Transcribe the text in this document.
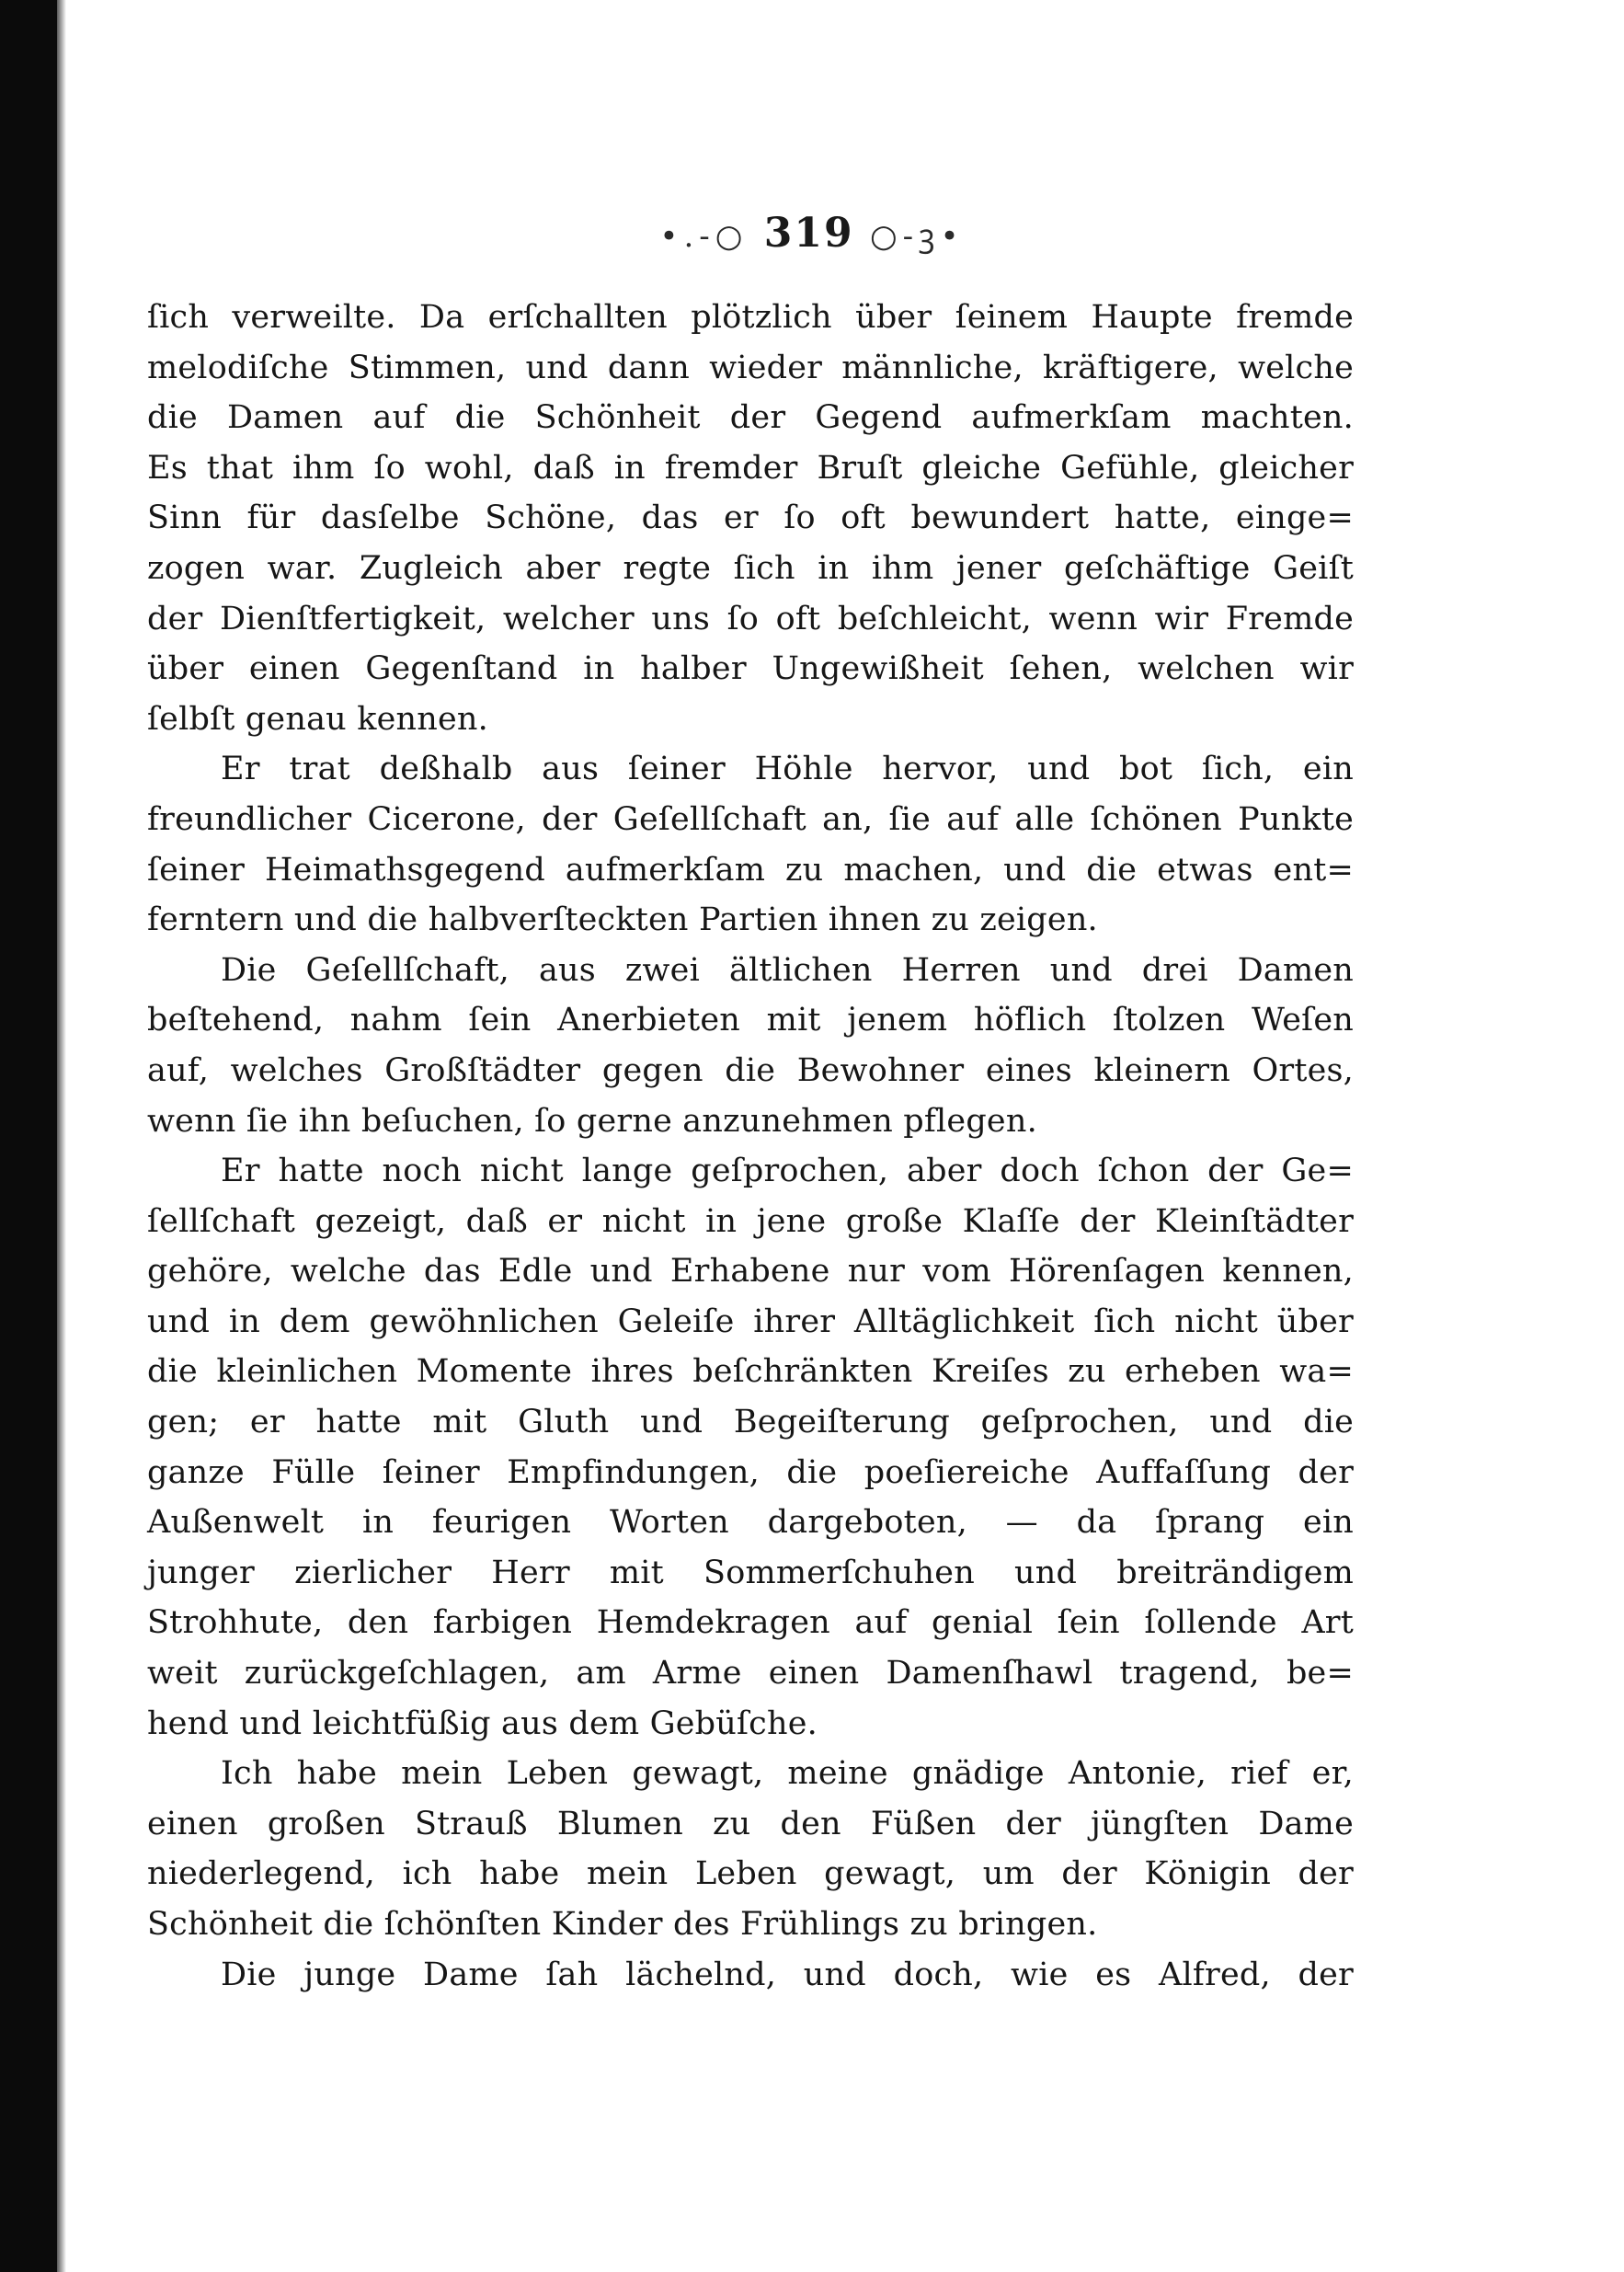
•.-○ 319 ○-ꝫ•
ſich verweilte. Da erſchallten plötzlich über ſeinem Haupte fremde
melodiſche Stimmen, und dann wieder männliche, kräftigere, welche
die Damen auf die Schönheit der Gegend aufmerkſam machten.
Es that ihm ſo wohl, daß in fremder Bruſt gleiche Gefühle, gleicher
Sinn für dasſelbe Schöne, das er ſo oft bewundert hatte, einge=
zogen war. Zugleich aber regte ſich in ihm jener geſchäftige Geiſt
der Dienſtfertigkeit, welcher uns ſo oft beſchleicht, wenn wir Fremde
über einen Gegenſtand in halber Ungewißheit ſehen, welchen wir
ſelbſt genau kennen.
Er trat deßhalb aus ſeiner Höhle hervor, und bot ſich, ein
freundlicher Cicerone, der Geſellſchaft an, ſie auf alle ſchönen Punkte
ſeiner Heimathsgegend aufmerkſam zu machen, und die etwas ent=
ferntern und die halbverſteckten Partien ihnen zu zeigen.
Die Geſellſchaft, aus zwei ältlichen Herren und drei Damen
beſtehend, nahm ſein Anerbieten mit jenem höflich ſtolzen Weſen
auf, welches Großſtädter gegen die Bewohner eines kleinern Ortes,
wenn ſie ihn beſuchen, ſo gerne anzunehmen pflegen.
Er hatte noch nicht lange geſprochen, aber doch ſchon der Ge=
ſellſchaft gezeigt, daß er nicht in jene große Klaſſe der Kleinſtädter
gehöre, welche das Edle und Erhabene nur vom Hörenſagen kennen,
und in dem gewöhnlichen Geleiſe ihrer Alltäglichkeit ſich nicht über
die kleinlichen Momente ihres beſchränkten Kreiſes zu erheben wa=
gen; er hatte mit Gluth und Begeiſterung geſprochen, und die
ganze Fülle ſeiner Empfindungen, die poeſiereiche Auffaſſung der
Außenwelt in feurigen Worten dargeboten, — da ſprang ein
junger zierlicher Herr mit Sommerſchuhen und breiträndigem
Strohhute, den farbigen Hemdekragen auf genial ſein ſollende Art
weit zurückgeſchlagen, am Arme einen Damenſhawl tragend, be=
hend und leichtfüßig aus dem Gebüſche.
Ich habe mein Leben gewagt, meine gnädige Antonie, rief er,
einen großen Strauß Blumen zu den Füßen der jüngſten Dame
niederlegend, ich habe mein Leben gewagt, um der Königin der
Schönheit die ſchönſten Kinder des Frühlings zu bringen.
Die junge Dame ſah lächelnd, und doch, wie es Alfred, der
